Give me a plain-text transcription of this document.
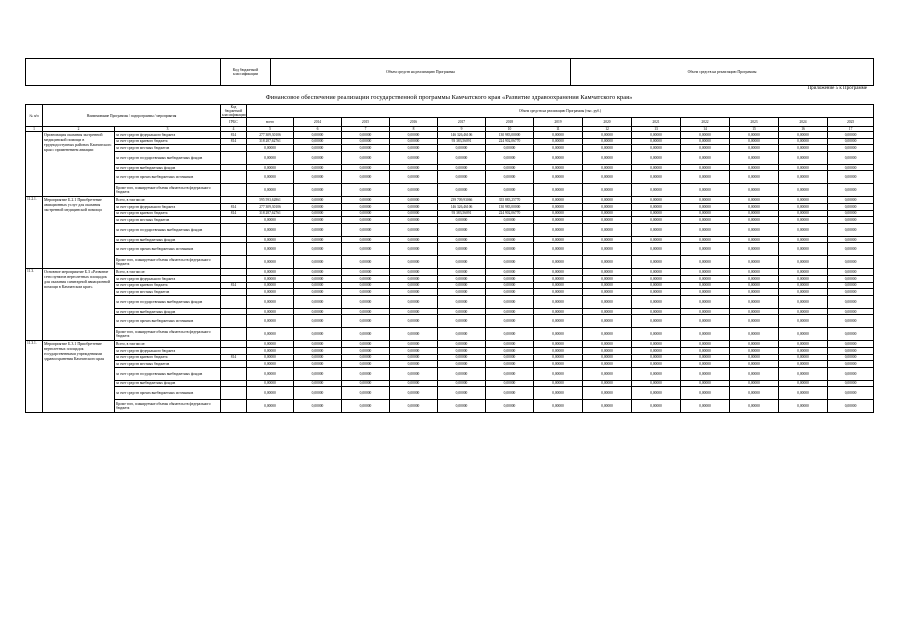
	Код бюджетной классификации	Объем средств на реализацию Программы	Объем средств на реализацию Программы
Приложение 5 к Программе
Финансовое обеспечение реализации государственной программы Камчатского края «Развитие здравоохранения Камчатского края»
№ п/п	Наименование Программы / подпрограммы / мероприятия		Код бюджетной классификации	Объем средств на реализацию Программы (тыс. руб.)												
			ГРБС	всего	2014	2015	2016	2017	2018	2019	2020	2021	2022	2023	2024	2025
1	2	3	4	5	6	7	8	9	10	11	12	13	14	15	16	17
	Организация оказания экстренной медицинской помощи в труднодоступных районах Камчатского края с применением авиации	за счет средств федерального бюджета	814	277 309,30106	0,00000	0,00000	0,00000	146 326,46106	130 983,00000	0,00000	0,00000	0,00000	0,00000	0,00000	0,00000	0,00000
		за счет средств краевого бюджета	814	318 287,62761	0,00000	0,00000	0,00000	93 383,56091	224 902,06770	0,00000	0,00000	0,00000	0,00000	0,00000	0,00000	0,00000
		за счет средств местных бюджетов		0,00000	0,00000	0,00000	0,00000	0,00000	0,00000	0,00000	0,00000	0,00000	0,00000	0,00000	0,00000	0,00000
		за счет средств государственных внебюджетных фондов		0,00000	0,00000	0,00000	0,00000	0,00000	0,00000	0,00000	0,00000	0,00000	0,00000	0,00000	0,00000	0,00000
		за счет средств внебюджетных фондов		0,00000	0,00000	0,00000	0,00000	0,00000	0,00000	0,00000	0,00000	0,00000	0,00000	0,00000	0,00000	0,00000
		за счет средств прочих внебюджетных источников		0,00000	0,00000	0,00000	0,00000	0,00000	0,00000	0,00000	0,00000	0,00000	0,00000	0,00000	0,00000	0,00000
		Кроме того, планируемые объемы обязательств федерального бюджета		0,00000	0,00000	0,00000	0,00000	0,00000	0,00000	0,00000	0,00000	0,00000	0,00000	0,00000	0,00000	0,00000
11.2.1.	Мероприятие Б.2.1 Приобретение авиационных услуг для оказания экстренной медицинской помощи	Всего, в том числе:		595 593,62861	0,00000	0,00000	0,00000	239 709,93066	355 883,25770	0,00000	0,00000	0,00000	0,00000	0,00000	0,00000	0,00000
		за счет средств федерального бюджета	814	277 309,30106	0,00000	0,00000	0,00000	146 326,46106	130 983,00000	0,00000	0,00000	0,00000	0,00000	0,00000	0,00000	0,00000
		за счет средств краевого бюджета	814	318 287,62761	0,00000	0,00000	0,00000	93 383,56091	224 902,06770	0,00000	0,00000	0,00000	0,00000	0,00000	0,00000	0,00000
		за счет средств местных бюджетов		0,00000	0,00000	0,00000	0,00000	0,00000	0,00000	0,00000	0,00000	0,00000	0,00000	0,00000	0,00000	0,00000
		за счет средств государственных внебюджетных фондов		0,00000	0,00000	0,00000	0,00000	0,00000	0,00000	0,00000	0,00000	0,00000	0,00000	0,00000	0,00000	0,00000
		за счет средств внебюджетных фондов		0,00000	0,00000	0,00000	0,00000	0,00000	0,00000	0,00000	0,00000	0,00000	0,00000	0,00000	0,00000	0,00000
		за счет средств прочих внебюджетных источников		0,00000	0,00000	0,00000	0,00000	0,00000	0,00000	0,00000	0,00000	0,00000	0,00000	0,00000	0,00000	0,00000
		Кроме того, планируемые объемы обязательств федерального бюджета		0,00000	0,00000	0,00000	0,00000	0,00000	0,00000	0,00000	0,00000	0,00000	0,00000	0,00000	0,00000	0,00000
11.3.	Основное мероприятие Б.3 «Развитие сети пунктов вертолетных площадок для оказания санитарной авиационной помощи в Камчатском крае»	Всего, в том числе:		0,00000	0,00000	0,00000	0,00000	0,00000	0,00000	0,00000	0,00000	0,00000	0,00000	0,00000	0,00000	0,00000
		за счет средств федерального бюджета		0,00000	0,00000	0,00000	0,00000	0,00000	0,00000	0,00000	0,00000	0,00000	0,00000	0,00000	0,00000	0,00000
		за счет средств краевого бюджета	814	0,00000	0,00000	0,00000	0,00000	0,00000	0,00000	0,00000	0,00000	0,00000	0,00000	0,00000	0,00000	0,00000
		за счет средств местных бюджетов		0,00000	0,00000	0,00000	0,00000	0,00000	0,00000	0,00000	0,00000	0,00000	0,00000	0,00000	0,00000	0,00000
		за счет средств государственных внебюджетных фондов		0,00000	0,00000	0,00000	0,00000	0,00000	0,00000	0,00000	0,00000	0,00000	0,00000	0,00000	0,00000	0,00000
		за счет средств внебюджетных фондов		0,00000	0,00000	0,00000	0,00000	0,00000	0,00000	0,00000	0,00000	0,00000	0,00000	0,00000	0,00000	0,00000
		за счет средств прочих внебюджетных источников		0,00000	0,00000	0,00000	0,00000	0,00000	0,00000	0,00000	0,00000	0,00000	0,00000	0,00000	0,00000	0,00000
		Кроме того, планируемые объемы обязательств федерального бюджета		0,00000	0,00000	0,00000	0,00000	0,00000	0,00000	0,00000	0,00000	0,00000	0,00000	0,00000	0,00000	0,00000
11.3.1.	Мероприятие Б.3.1 Приобретение вертолетных площадок государственными учреждениями здравоохранения Камчатского края	Всего, в том числе:		0,00000	0,00000	0,00000	0,00000	0,00000	0,00000	0,00000	0,00000	0,00000	0,00000	0,00000	0,00000	0,00000
		за счет средств федерального бюджета		0,00000	0,00000	0,00000	0,00000	0,00000	0,00000	0,00000	0,00000	0,00000	0,00000	0,00000	0,00000	0,00000
		за счет средств краевого бюджета	814	0,00000	0,00000	0,00000	0,00000	0,00000	0,00000	0,00000	0,00000	0,00000	0,00000	0,00000	0,00000	0,00000
		за счет средств местных бюджетов		0,00000	0,00000	0,00000	0,00000	0,00000	0,00000	0,00000	0,00000	0,00000	0,00000	0,00000	0,00000	0,00000
		за счет средств государственных внебюджетных фондов		0,00000	0,00000	0,00000	0,00000	0,00000	0,00000	0,00000	0,00000	0,00000	0,00000	0,00000	0,00000	0,00000
		за счет средств внебюджетных фондов		0,00000	0,00000	0,00000	0,00000	0,00000	0,00000	0,00000	0,00000	0,00000	0,00000	0,00000	0,00000	0,00000
		за счет средств прочих внебюджетных источников		0,00000	0,00000	0,00000	0,00000	0,00000	0,00000	0,00000	0,00000	0,00000	0,00000	0,00000	0,00000	0,00000
		Кроме того, планируемые объемы обязательств федерального бюджета		0,00000	0,00000	0,00000	0,00000	0,00000	0,00000	0,00000	0,00000	0,00000	0,00000	0,00000	0,00000	0,00000
